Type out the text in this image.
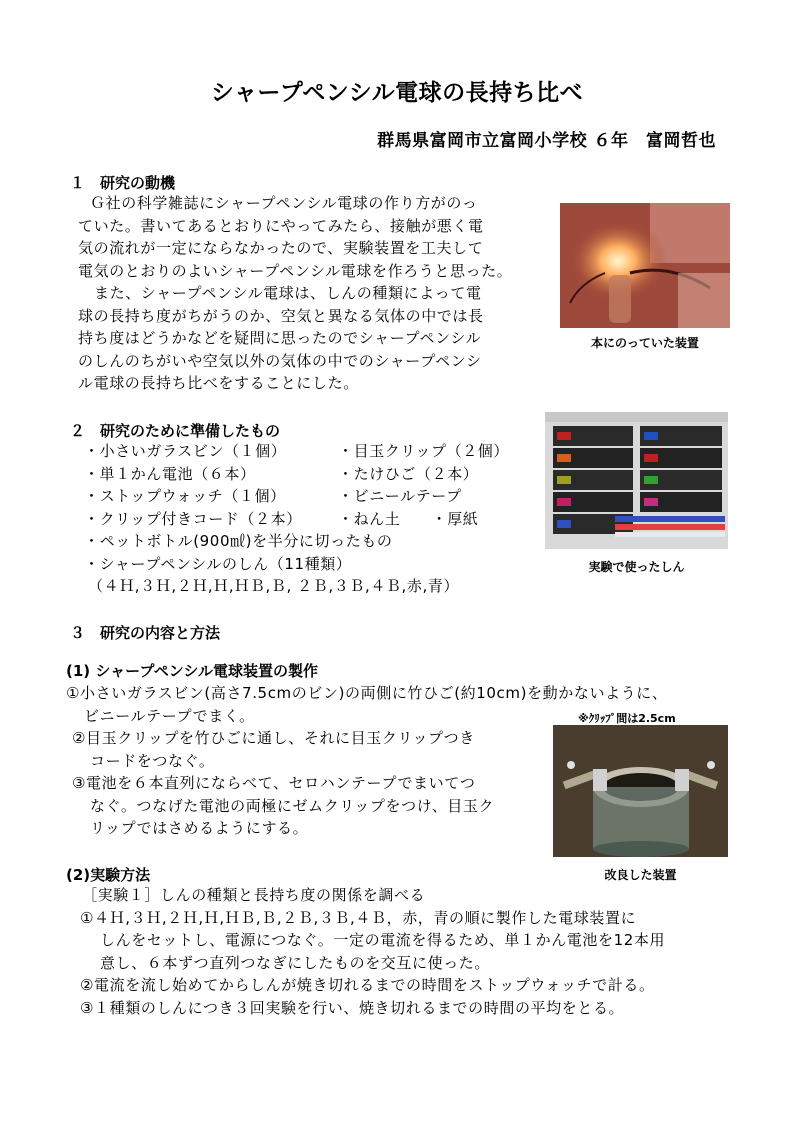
シャープペンシル電球の長持ち比べ
群馬県富岡市立富岡小学校 ６年　富岡哲也
１　研究の動機
Ｇ社の科学雑誌にシャープペンシル電球の作り方がのっ
ていた。書いてあるとおりにやってみたら、接触が悪く電
気の流れが一定にならなかったので、実験装置を工夫して
電気のとおりのよいシャープペンシル電球を作ろうと思った。
また、シャープペンシル電球は、しんの種類によって電
球の長持ち度がちがうのか、空気と異なる気体の中では長
持ち度はどうかなどを疑問に思ったのでシャープペンシル
のしんのちがいや空気以外の気体の中でのシャープペンシ
ル電球の長持ち比べをすることにした。
本にのっていた装置
２　研究のために準備したもの
・小さいガラスビン（１個）
・単１かん電池（６本）
・ストップウォッチ（１個）
・クリップ付きコード（２本）
・目玉クリップ（２個）
・たけひご（２本）
・ビニールテープ
・ねん土　　・厚紙
・ペットボトル(900㎖)を半分に切ったもの
・シャープペンシルのしん（11種類）
（４Ｈ,３Ｈ,２Ｈ,Ｈ,ＨＢ,Ｂ, ２Ｂ,３Ｂ,４Ｂ,赤,青）
実験で使ったしん
３　研究の内容と方法
(1) シャープペンシル電球装置の製作
①小さいガラスビン(高さ7.5cmのビン)の両側に竹ひご(約10cm)を動かないように、
ビニールテープでまく。
②目玉クリップを竹ひごに通し、それに目玉クリップつき
コードをつなぐ。
③電池を６本直列にならべて、セロハンテープでまいてつ
なぐ。つなげた電池の両極にゼムクリップをつけ、目玉ク
リップではさめるようにする。
※ｸﾘｯﾌﾟ間は2.5cm
改良した装置
(2)実験方法
［実験１］しんの種類と長持ち度の関係を調べる
①４Ｈ,３Ｈ,２Ｈ,Ｈ,ＨＢ,Ｂ,２Ｂ,３Ｂ,４Ｂ，赤，青の順に製作した電球装置に
しんをセットし、電源につなぐ。一定の電流を得るため、単１かん電池を12本用
意し、６本ずつ直列つなぎにしたものを交互に使った。
②電流を流し始めてからしんが焼き切れるまでの時間をストップウォッチで計る。
③１種類のしんにつき３回実験を行い、焼き切れるまでの時間の平均をとる。
